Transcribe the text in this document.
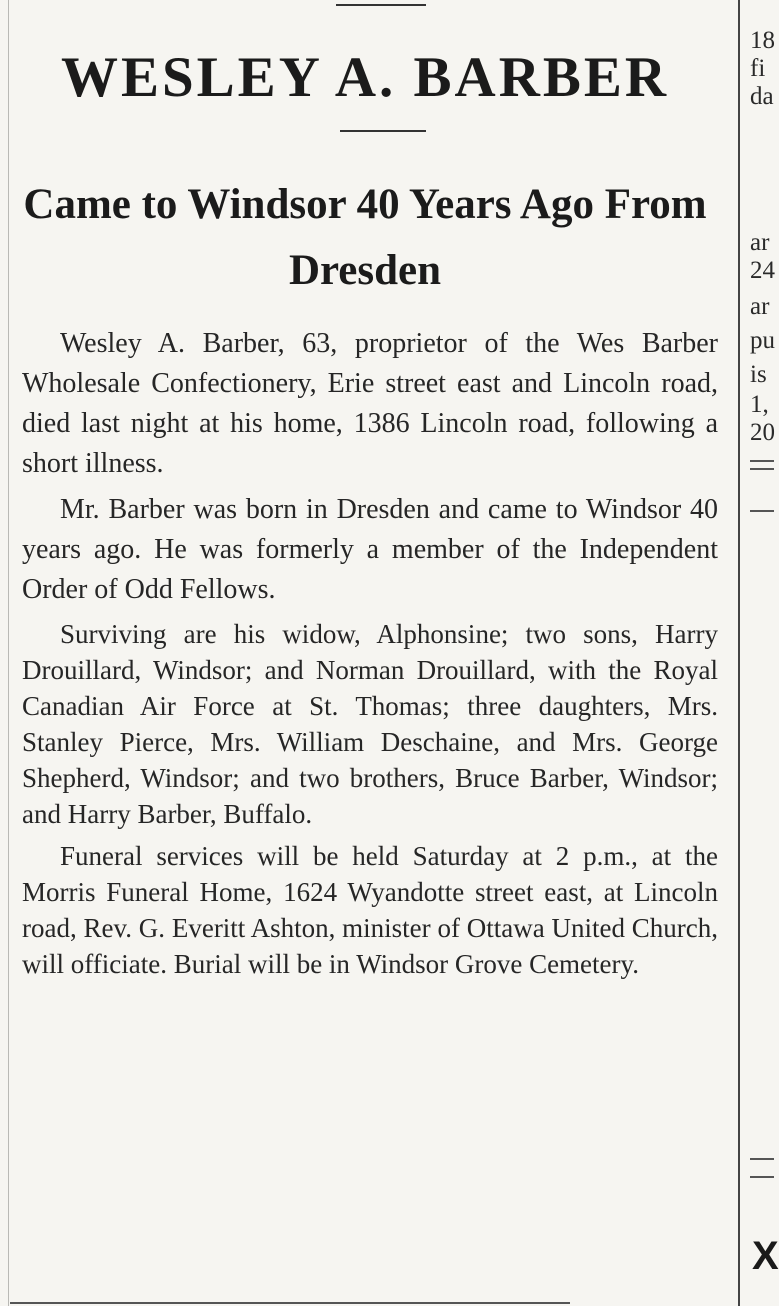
WESLEY A. BARBER
Came to Windsor 40 Years Ago From Dresden

Wesley A. Barber, 63, proprietor of the Wes Barber Wholesale Confectionery, Erie street east and Lincoln road, died last night at his home, 1386 Lincoln road, following a short illness.

Mr. Barber was born in Dresden and came to Windsor 40 years ago. He was formerly a member of the Independent Order of Odd Fellows.

Surviving are his widow, Alphonsine; two sons, Harry Drouillard, Windsor; and Norman Drouillard, with the Royal Canadian Air Force at St. Thomas; three daughters, Mrs. Stanley Pierce, Mrs. William Deschaine, and Mrs. George Shepherd, Windsor; and two brothers, Bruce Barber, Windsor; and Harry Barber, Buffalo.

Funeral services will be held Saturday at 2 p.m., at the Morris Funeral Home, 1624 Wyandotte street east, at Lincoln road, Rev. G. Everitt Ashton, minister of Ottawa United Church, will officiate. Burial will be in Windsor Grove Cemetery.

18
fi
da
ar
24
ar
pu
is
1,
20
X
